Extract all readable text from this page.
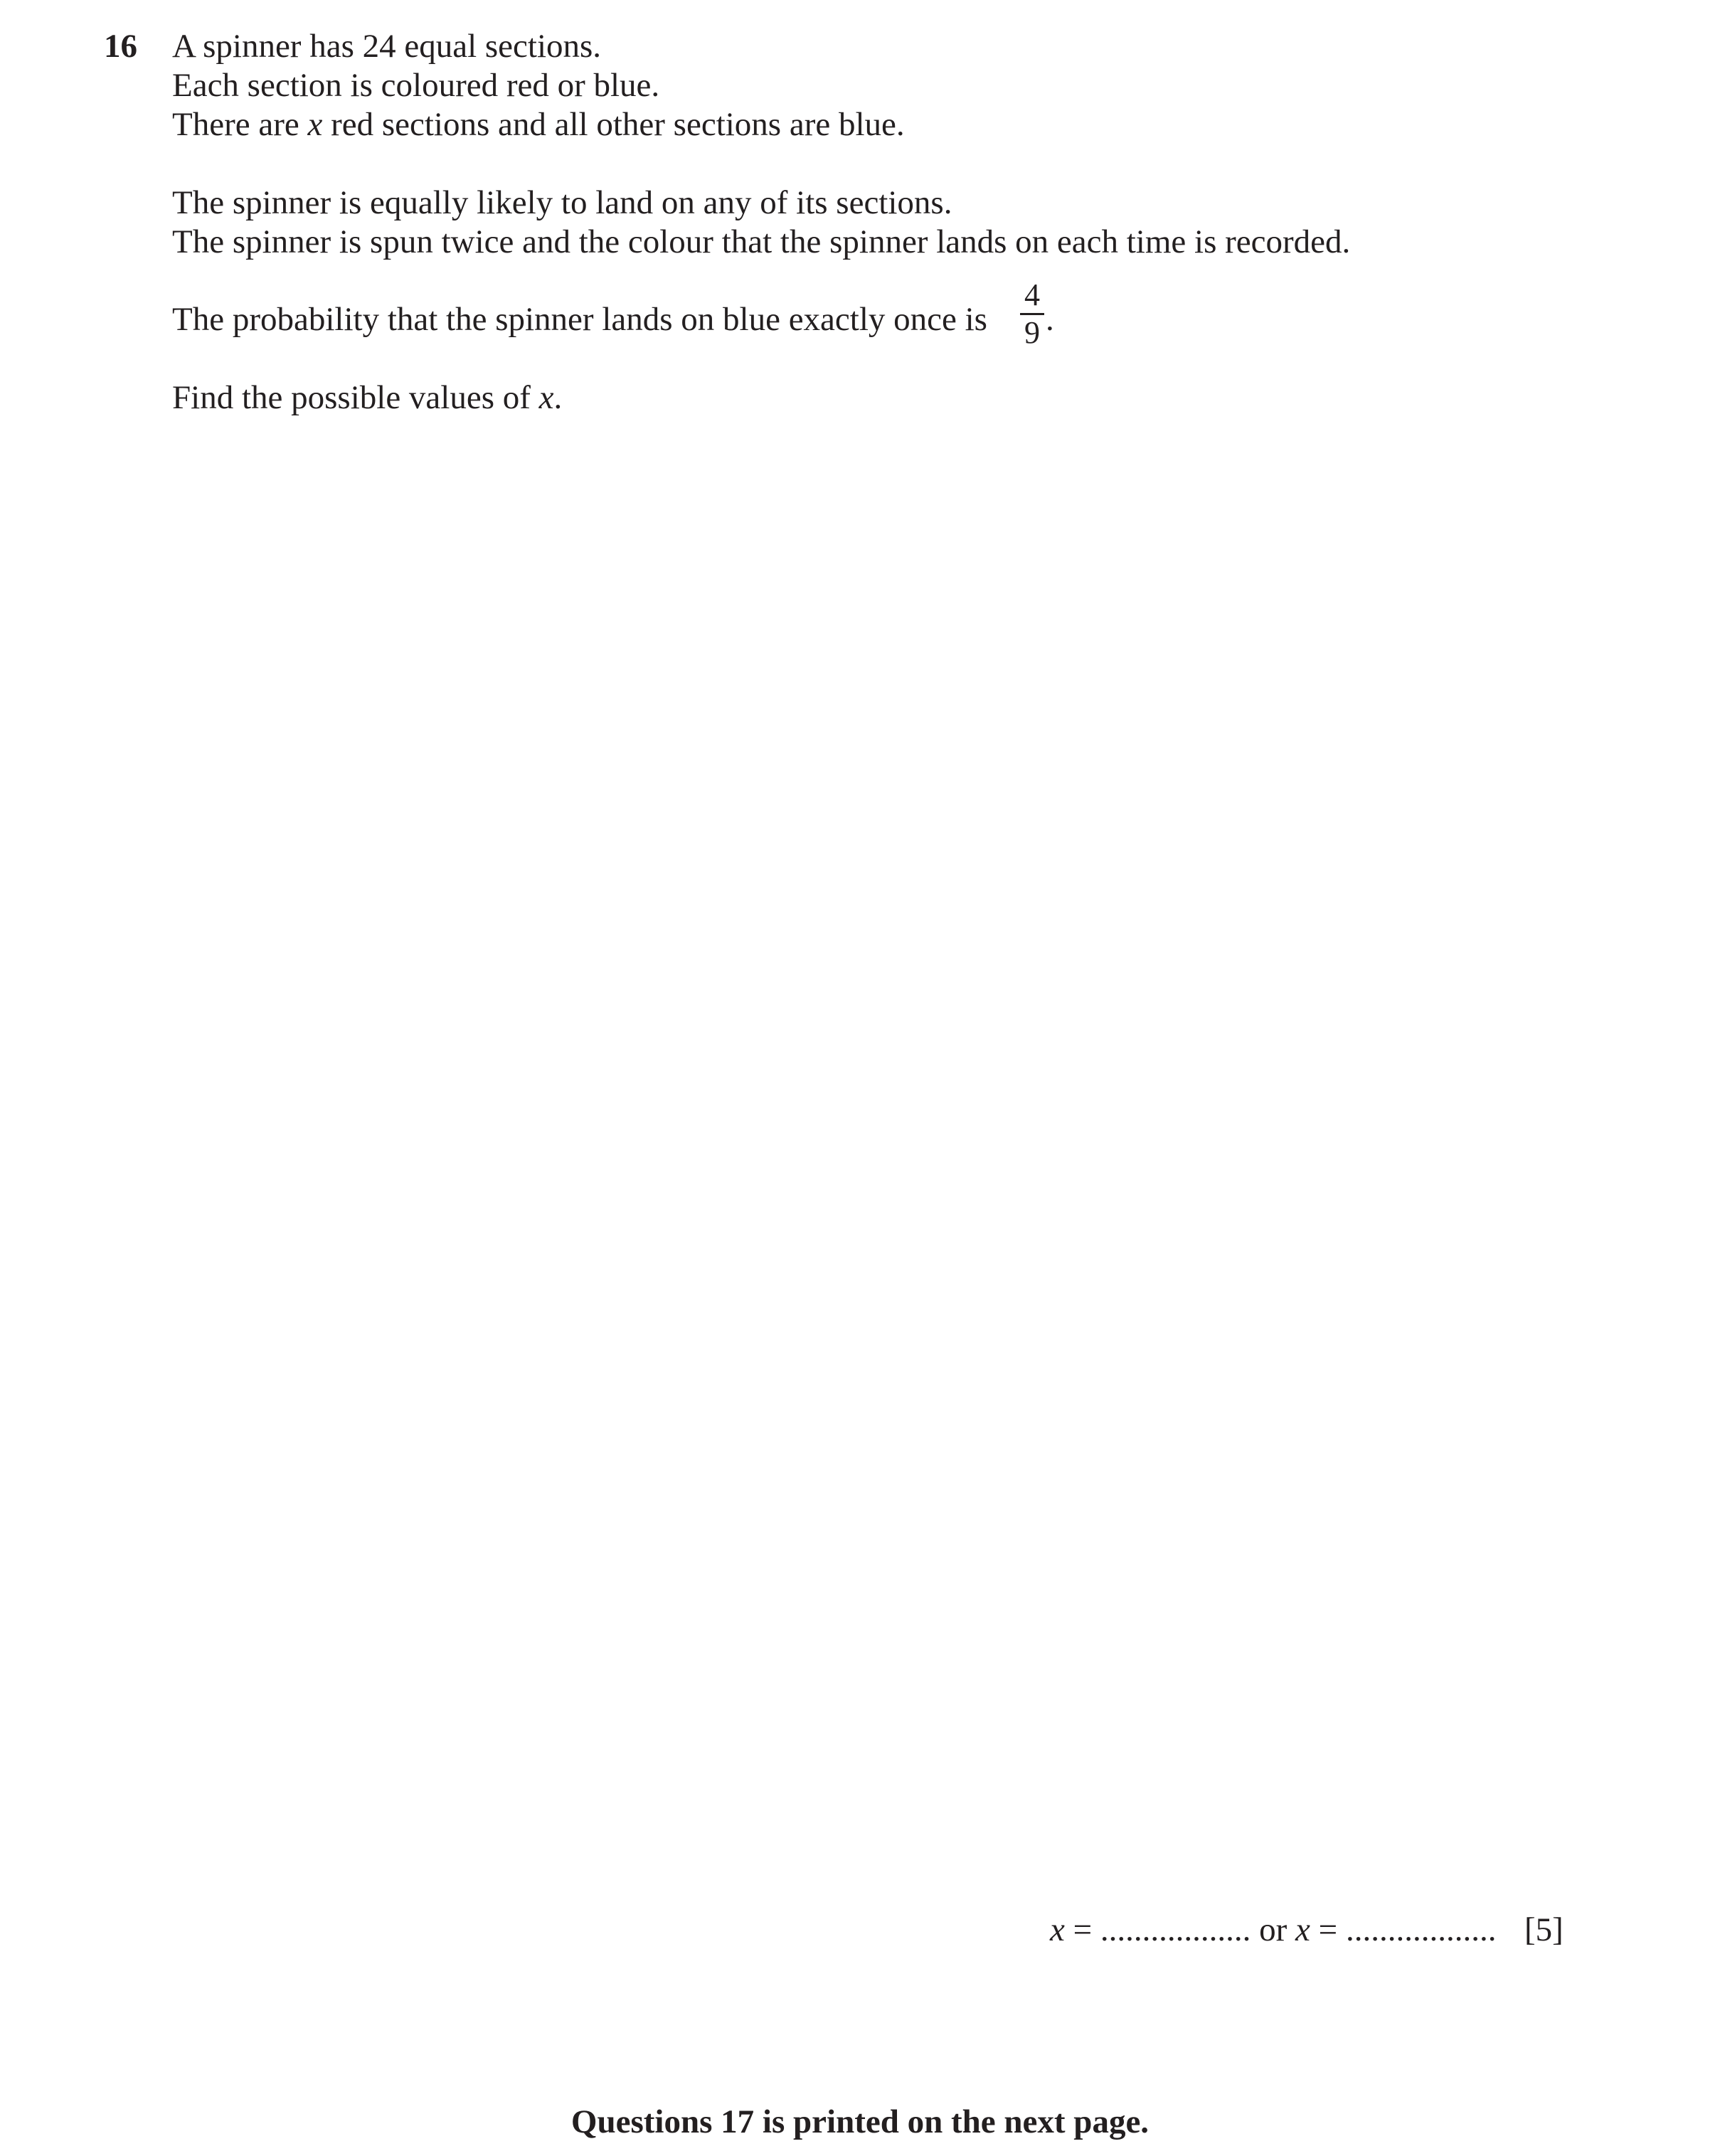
16 A spinner has 24 equal sections.
Each section is coloured red or blue.
There are x red sections and all other sections are blue.
The spinner is equally likely to land on any of its sections.
The spinner is spun twice and the colour that the spinner lands on each time is recorded.
The probability that the spinner lands on blue exactly once is
4
9 .
Find the possible values of x.
x = .................. or x = .................. [5]
Questions 17 is printed on the next page.
